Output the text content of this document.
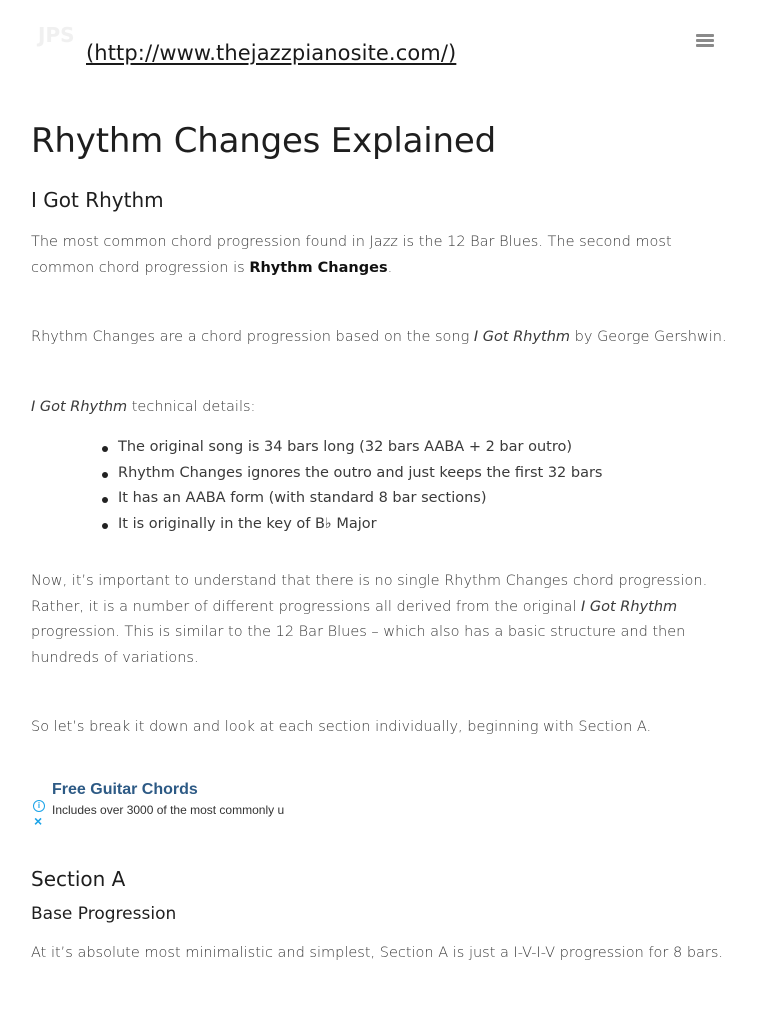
JPS
(http://www.thejazzpianosite.com/)
Rhythm Changes Explained
I Got Rhythm

The most common chord progression found in Jazz is the 12 Bar Blues. The second most common chord progression is Rhythm Changes.

Rhythm Changes are a chord progression based on the song I Got Rhythm by George Gershwin.

I Got Rhythm technical details:

The original song is 34 bars long (32 bars AABA + 2 bar outro)
Rhythm Changes ignores the outro and just keeps the first 32 bars
It has an AABA form (with standard 8 bar sections)
It is originally in the key of B♭ Major

Now, it’s important to understand that there is no single Rhythm Changes chord progression. Rather, it is a number of different progressions all derived from the original I Got Rhythm progression. This is similar to the 12 Bar Blues – which also has a basic structure and then hundreds of variations.

So let’s break it down and look at each section individually, beginning with Section A.

Free Guitar Chords
i Includes over 3000 of the most commonly u
×
Section A
Base Progression

At it’s absolute most minimalistic and simplest, Section A is just a I-V-I-V progression for 8 bars.
